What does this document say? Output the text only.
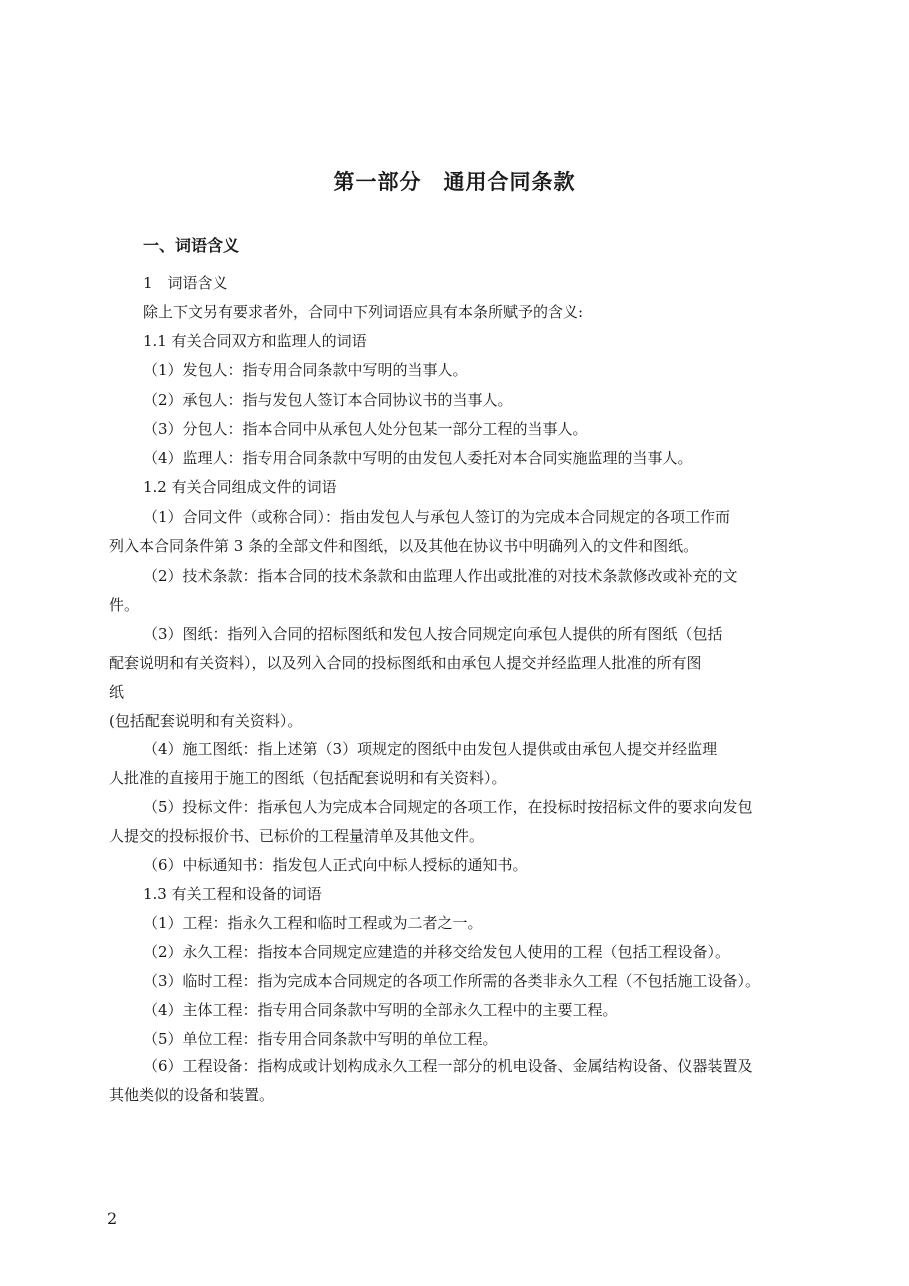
第一部分 通用合同条款
一、词语含义
1　词语含义
除上下文另有要求者外，合同中下列词语应具有本条所赋予的含义:
1.1 有关合同双方和监理人的词语
（1）发包人：指专用合同条款中写明的当事人。
（2）承包人：指与发包人签订本合同协议书的当事人。
（3）分包人：指本合同中从承包人处分包某一部分工程的当事人。
（4）监理人：指专用合同条款中写明的由发包人委托对本合同实施监理的当事人。
1.2 有关合同组成文件的词语
（1）合同文件（或称合同）：指由发包人与承包人签订的为完成本合同规定的各项工作而
列入本合同条件第 3 条的全部文件和图纸，以及其他在协议书中明确列入的文件和图纸。
（2）技术条款：指本合同的技术条款和由监理人作出或批准的对技术条款修改或补充的文
件。
（3）图纸：指列入合同的招标图纸和发包人按合同规定向承包人提供的所有图纸（包括
配套说明和有关资料），以及列入合同的投标图纸和由承包人提交并经监理人批准的所有图
纸
(包括配套说明和有关资料）。
（4）施工图纸：指上述第（3）项规定的图纸中由发包人提供或由承包人提交并经监理
人批准的直接用于施工的图纸（包括配套说明和有关资料）。
（5）投标文件：指承包人为完成本合同规定的各项工作，在投标时按招标文件的要求向发包
人提交的投标报价书、已标价的工程量清单及其他文件。
（6）中标通知书：指发包人正式向中标人授标的通知书。
1.3 有关工程和设备的词语
（1）工程：指永久工程和临时工程或为二者之一。
（2）永久工程：指按本合同规定应建造的并移交给发包人使用的工程（包括工程设备）。
（3）临时工程：指为完成本合同规定的各项工作所需的各类非永久工程（不包括施工设备）。
（4）主体工程：指专用合同条款中写明的全部永久工程中的主要工程。
（5）单位工程：指专用合同条款中写明的单位工程。
（6）工程设备：指构成或计划构成永久工程一部分的机电设备、金属结构设备、仪器装置及
其他类似的设备和装置。
2
